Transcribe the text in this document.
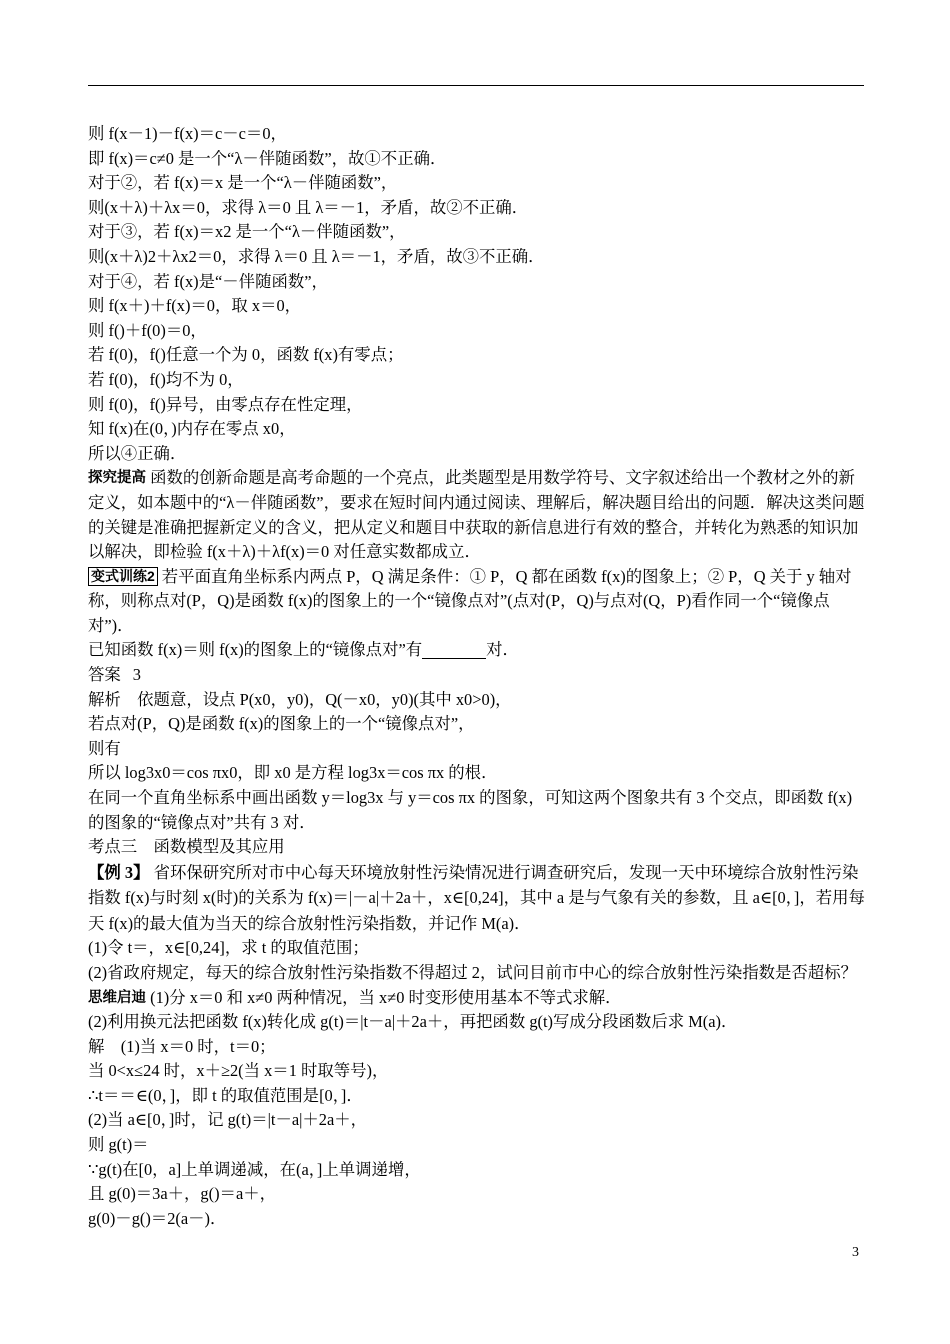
则 f(x－1)－f(x)＝c－c＝0，
即 f(x)＝c≠0 是一个“λ－伴随函数”，故①不正确．
对于②，若 f(x)＝x 是一个“λ－伴随函数”，
则(x＋λ)＋λx＝0，求得 λ＝0 且 λ＝－1，矛盾，故②不正确．
对于③，若 f(x)＝x2 是一个“λ－伴随函数”，
则(x＋λ)2＋λx2＝0，求得 λ＝0 且 λ＝－1，矛盾，故③不正确．
对于④，若 f(x)是“－伴随函数”，
则 f(x＋)＋f(x)＝0，取 x＝0，
则 f()＋f(0)＝0，
若 f(0)，f()任意一个为 0，函数 f(x)有零点；
若 f(0)，f()均不为 0，
则 f(0)，f()异号，由零点存在性定理，
知 f(x)在(0，)内存在零点 x0，
所以④正确．

探究提高 函数的创新命题是高考命题的一个亮点，此类题型是用数学符号、文字叙述给出一个教材之外的新定义，如本题中的“λ－伴随函数”，要求在短时间内通过阅读、理解后，解决题目给出的问题．解决这类问题的关键是准确把握新定义的含义，把从定义和题目中获取的新信息进行有效的整合，并转化为熟悉的知识加以解决，即检验 f(x＋λ)＋λf(x)＝0 对任意实数都成立．

变式训练2 若平面直角坐标系内两点 P，Q 满足条件：① P，Q 都在函数 f(x)的图象上；② P，Q 关于 y 轴对称，则称点对(P，Q)是函数 f(x)的图象上的一个“镜像点对”(点对(P，Q)与点对(Q，P)看作同一个“镜像点对”)．

已知函数 f(x)＝则 f(x)的图象上的“镜像点对”有	对．
答案 3
解析　依题意，设点 P(x0，y0)，Q(－x0，y0)(其中 x0>0)，
若点对(P，Q)是函数 f(x)的图象上的一个“镜像点对”，
则有
所以 log3x0＝cos πx0，即 x0 是方程 log3x＝cos πx 的根．

在同一个直角坐标系中画出函数 y＝log3x 与 y＝cos πx 的图象，可知这两个图象共有 3 个交点，即函数 f(x)的图象的“镜像点对”共有 3 对．

考点三　函数模型及其应用

【例 3】 省环保研究所对市中心每天环境放射性污染情况进行调查研究后，发现一天中环境综合放射性污染指数 f(x)与时刻 x(时)的关系为 f(x)＝|－a|＋2a＋，x∈[0,24]，其中 a 是与气象有关的参数，且 a∈[0，]，若用每天 f(x)的最大值为当天的综合放射性污染指数，并记作 M(a)．

(1)令 t＝，x∈[0,24]，求 t 的取值范围；
(2)省政府规定，每天的综合放射性污染指数不得超过 2，试问目前市中心的综合放射性污染指数是否超标？
思维启迪 (1)分 x＝0 和 x≠0 两种情况，当 x≠0 时变形使用基本不等式求解．
(2)利用换元法把函数 f(x)转化成 g(t)＝|t－a|＋2a＋，再把函数 g(t)写成分段函数后求 M(a)．
解　(1)当 x＝0 时，t＝0；
当 0<x≤24 时，x＋≥2(当 x＝1 时取等号)，
∴t＝＝∈(0，]，即 t 的取值范围是[0，]．
(2)当 a∈[0，]时，记 g(t)＝|t－a|＋2a＋，
则 g(t)＝
∵g(t)在[0，a]上单调递减，在(a，]上单调递增，
且 g(0)＝3a＋，g()＝a＋，
g(0)－g()＝2(a－)．
3
